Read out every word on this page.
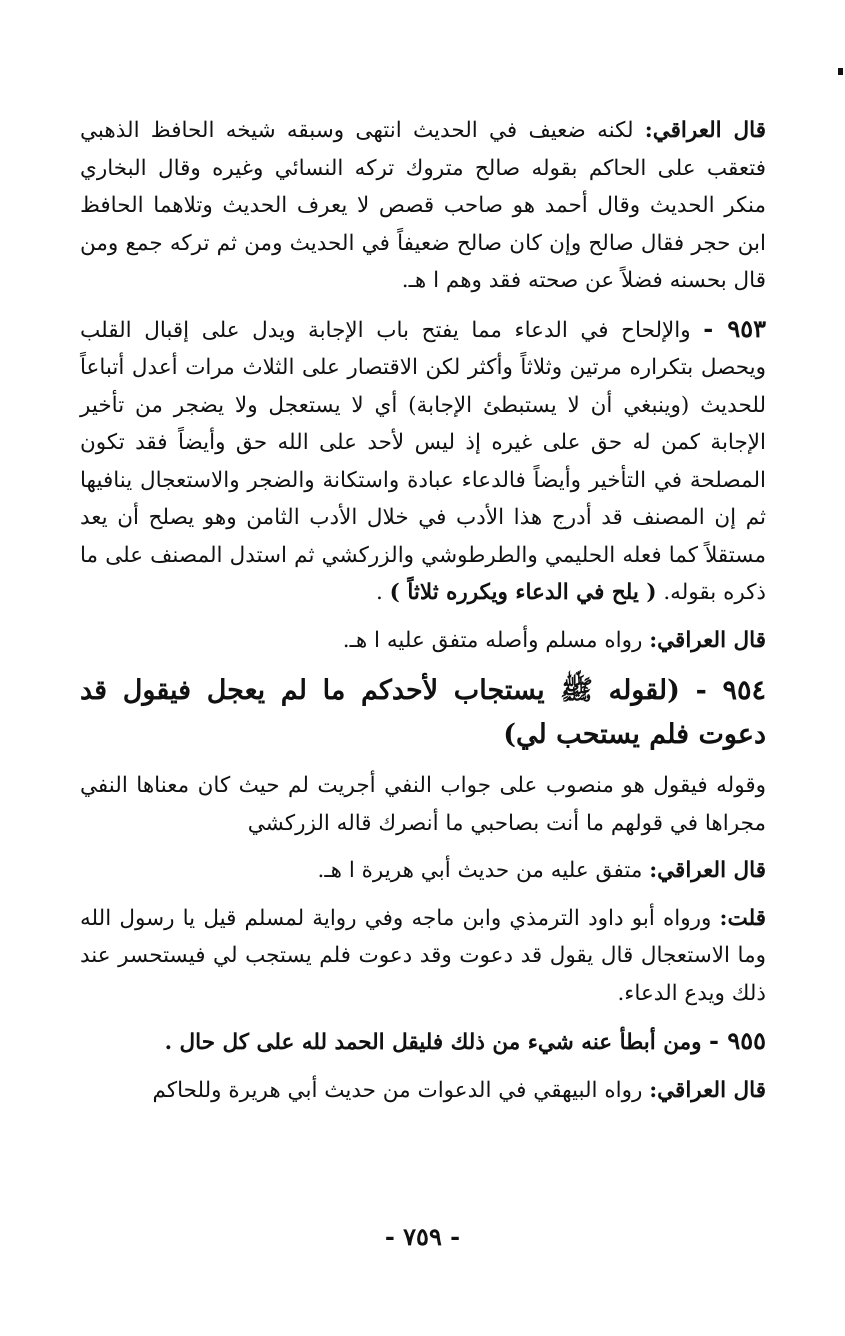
قال العراقي: لكنه ضعيف في الحديث انتهى وسبقه شيخه الحافظ الذهبي فتعقب على الحاكم بقوله صالح متروك تركه النسائي وغيره وقال البخاري منكر الحديث وقال أحمد هو صاحب قصص لا يعرف الحديث وتلاهما الحافظ ابن حجر فقال صالح وإن كان صالح ضعيفاً في الحديث ومن ثم تركه جمع ومن قال بحسنه فضلاً عن صحته فقد وهم ا هـ.

٩٥٣ - والإلحاح في الدعاء مما يفتح باب الإجابة ويدل على إقبال القلب ويحصل بتكراره مرتين وثلاثاً وأكثر لكن الاقتصار على الثلاث مرات أعدل أتباعاً للحديث (وينبغي أن لا يستبطئ الإجابة) أي لا يستعجل ولا يضجر من تأخير الإجابة كمن له حق على غيره إذ ليس لأحد على الله حق وأيضاً فقد تكون المصلحة في التأخير وأيضاً فالدعاء عبادة واستكانة والضجر والاستعجال ينافيها ثم إن المصنف قد أدرج هذا الأدب في خلال الأدب الثامن وهو يصلح أن يعد مستقلاً كما فعله الحليمي والطرطوشي والزركشي ثم استدل المصنف على ما ذكره بقوله. ( يلح في الدعاء ويكرره ثلاثاً ) .

قال العراقي: رواه مسلم وأصله متفق عليه ا هـ.

٩٥٤ - (لقوله ﷺ يستجاب لأحدكم ما لم يعجل فيقول قد دعوت فلم يستحب لي)

وقوله فيقول هو منصوب على جواب النفي أجريت لم حيث كان معناها النفي مجراها في قولهم ما أنت بصاحبي ما أنصرك قاله الزركشي

قال العراقي: متفق عليه من حديث أبي هريرة ا هـ.

قلت: ورواه أبو داود الترمذي وابن ماجه وفي رواية لمسلم قيل يا رسول الله وما الاستعجال قال يقول قد دعوت وقد دعوت فلم يستجب لي فيستحسر عند ذلك ويدع الدعاء.

٩٥٥ - ومن أبطأ عنه شيء من ذلك فليقل الحمد لله على كل حال .

قال العراقي: رواه البيهقي في الدعوات من حديث أبي هريرة وللحاكم

- ٧٥٩ -
